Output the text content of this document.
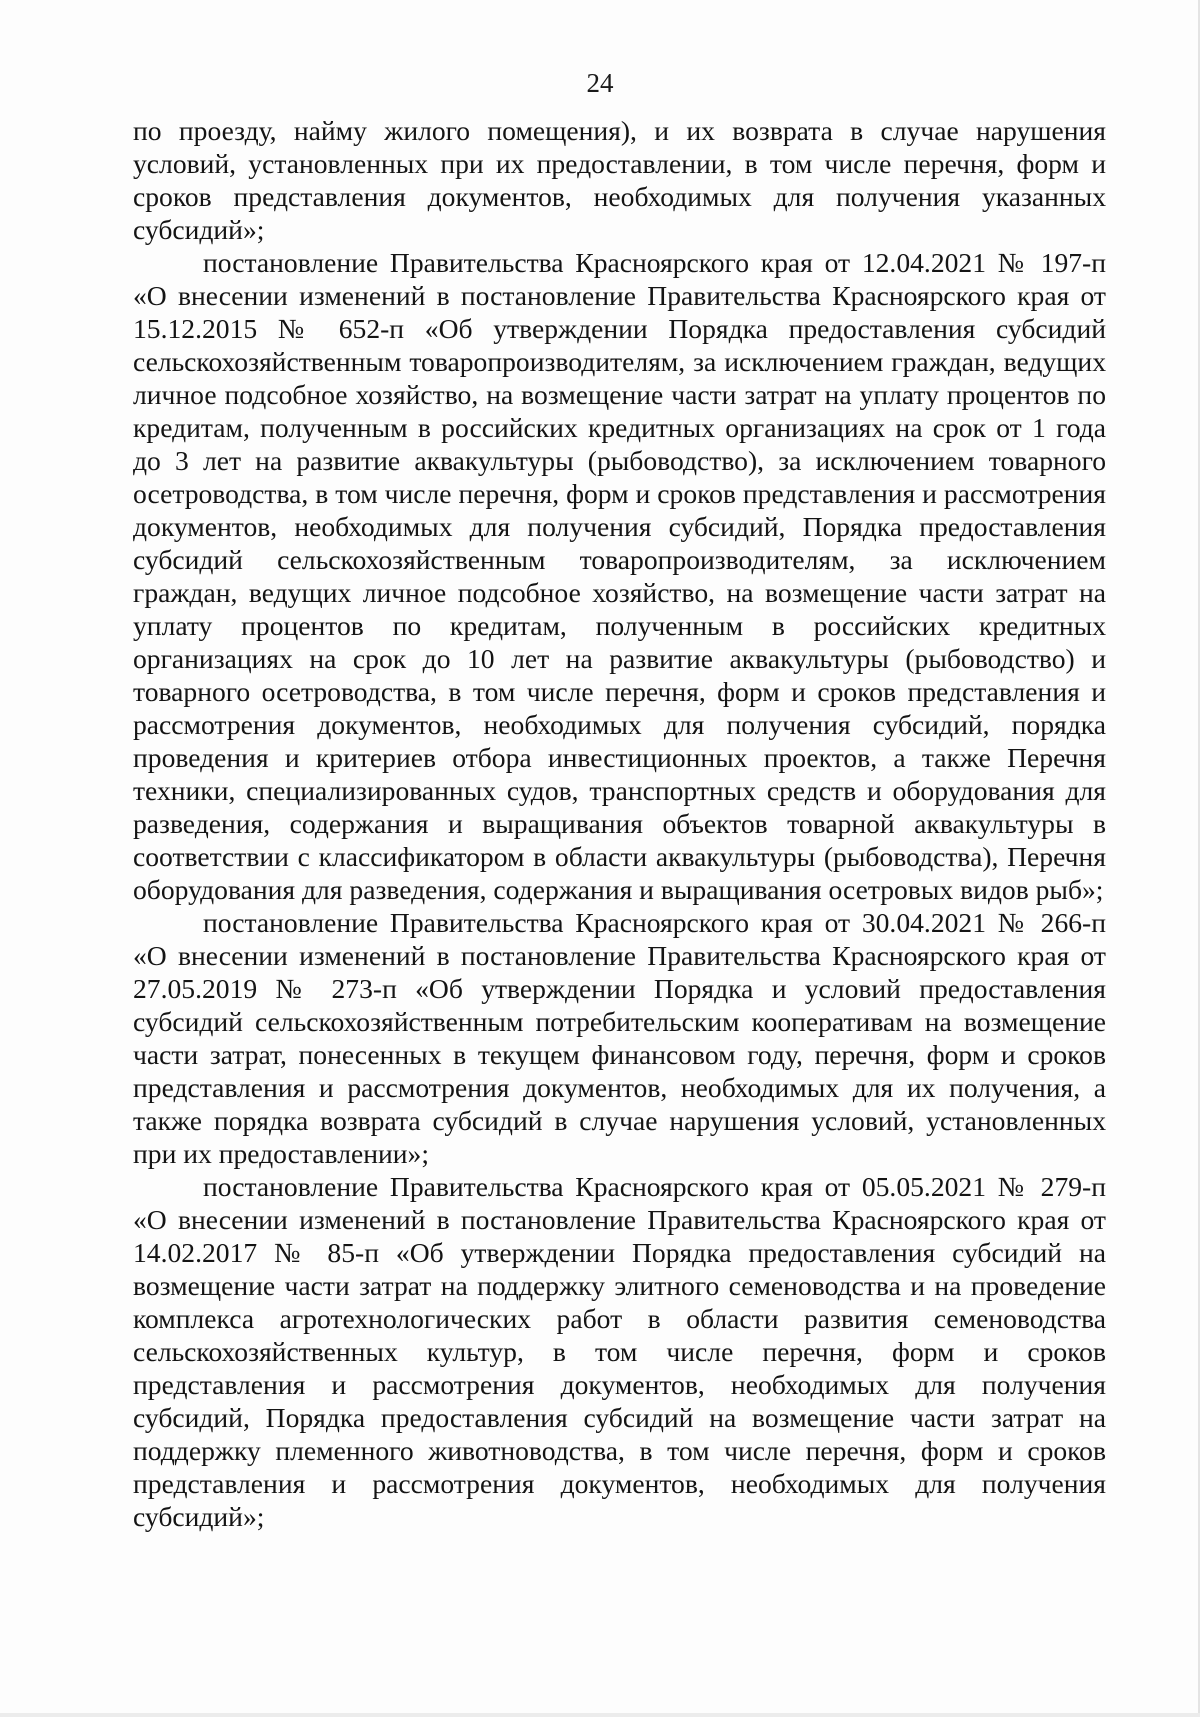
24

по проезду, найму жилого помещения), и их возврата в случае нарушения условий, установленных при их предоставлении, в том числе перечня, форм и сроков представления документов, необходимых для получения указанных субсидий»;

постановление Правительства Красноярского края от 12.04.2021 № 197-п «О внесении изменений в постановление Правительства Красноярского края от 15.12.2015 № 652-п «Об утверждении Порядка предоставления субсидий сельскохозяйственным товаропроизводителям, за исключением граждан, ведущих личное подсобное хозяйство, на возмещение части затрат на уплату процентов по кредитам, полученным в российских кредитных организациях на срок от 1 года до 3 лет на развитие аквакультуры (рыбоводство), за исключением товарного осетроводства, в том числе перечня, форм и сроков представления и рассмотрения документов, необходимых для получения субсидий, Порядка предоставления субсидий сельскохозяйственным товаропроизводителям, за исключением граждан, ведущих личное подсобное хозяйство, на возмещение части затрат на уплату процентов по кредитам, полученным в российских кредитных организациях на срок до 10 лет на развитие аквакультуры (рыбоводство) и товарного осетроводства, в том числе перечня, форм и сроков представления и рассмотрения документов, необходимых для получения субсидий, порядка проведения и критериев отбора инвестиционных проектов, а также Перечня техники, специализированных судов, транспортных средств и оборудования для разведения, содержания и выращивания объектов товарной аквакультуры в соответствии с классификатором в области аквакультуры (рыбоводства), Перечня оборудования для разведения, содержания и выращивания осетровых видов рыб»;

постановление Правительства Красноярского края от 30.04.2021 № 266-п «О внесении изменений в постановление Правительства Красноярского края от 27.05.2019 № 273-п «Об утверждении Порядка и условий предоставления субсидий сельскохозяйственным потребительским кооперативам на возмещение части затрат, понесенных в текущем финансовом году, перечня, форм и сроков представления и рассмотрения документов, необходимых для их получения, а также порядка возврата субсидий в случае нарушения условий, установленных при их предоставлении»;

постановление Правительства Красноярского края от 05.05.2021 № 279-п «О внесении изменений в постановление Правительства Красноярского края от 14.02.2017 № 85-п «Об утверждении Порядка предоставления субсидий на возмещение части затрат на поддержку элитного семеноводства и на проведение комплекса агротехнологических работ в области развития семеноводства сельскохозяйственных культур, в том числе перечня, форм и сроков представления и рассмотрения документов, необходимых для получения субсидий, Порядка предоставления субсидий на возмещение части затрат на поддержку племенного животноводства, в том числе перечня, форм и сроков представления и рассмотрения документов, необходимых для получения субсидий»;
